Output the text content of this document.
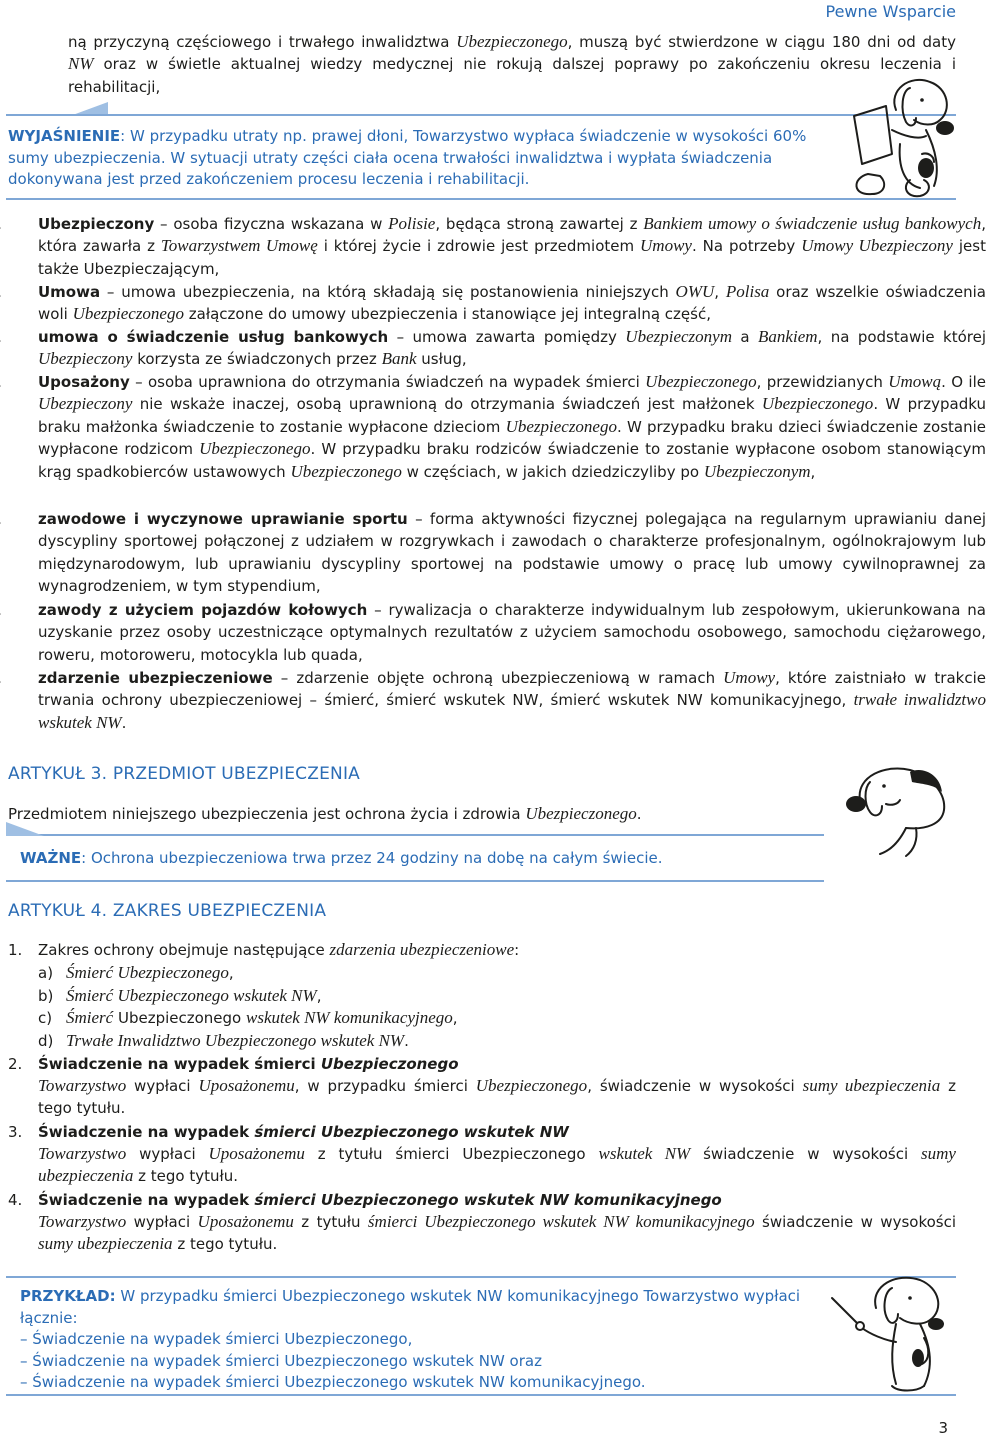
Pewne Wsparcie

ną przyczyną częściowego i trwałego inwalidztwa Ubezpieczonego, muszą być stwierdzone w ciągu 180 dni od daty NW oraz w świetle aktualnej wiedzy medycznej nie rokują dalszej poprawy po zakończeniu okresu leczenia i rehabilitacji,

WYJAŚNIENIE: W przypadku utraty np. prawej dłoni, Towarzystwo wypłaca świadczenie w wysokości 60% sumy ubezpieczenia. W sytuacji utraty części ciała ocena trwałości inwalidztwa i wypłata świadczenia dokonywana jest przed zakończeniem procesu leczenia i rehabilitacji.

Ubezpieczony – osoba fizyczna wskazana w Polisie, będąca stroną zawartej z Bankiem umowy o świadczenie usług bankowych, która zawarła z Towarzystwem Umowę i której życie i zdrowie jest przedmiotem Umowy. Na potrzeby Umowy Ubezpieczony jest także Ubezpieczającym,

Umowa – umowa ubezpieczenia, na którą składają się postanowienia niniejszych OWU, Polisa oraz wszelkie oświadczenia woli Ubezpieczonego załączone do umowy ubezpieczenia i stanowiące jej integralną część,

umowa o świadczenie usług bankowych – umowa zawarta pomiędzy Ubezpieczonym a Bankiem, na podstawie której Ubezpieczony korzysta ze świadczonych przez Bank usług,

Uposażony – osoba uprawniona do otrzymania świadczeń na wypadek śmierci Ubezpieczonego, przewidzianych Umową. O ile Ubezpieczony nie wskaże inaczej, osobą uprawnioną do otrzymania świadczeń jest małżonek Ubezpieczonego. W przypadku braku małżonka świadczenie to zostanie wypłacone dzieciom Ubezpieczonego. W przypadku braku dzieci świadczenie zostanie wypłacone rodzicom Ubezpieczonego. W przypadku braku rodziców świadczenie to zostanie wypłacone osobom stanowiącym krąg spadkobierców ustawowych Ubezpieczonego w częściach, w jakich dziedziczyliby po Ubezpieczonym,

zawodowe i wyczynowe uprawianie sportu – forma aktywności fizycznej polegająca na regularnym uprawianiu danej dyscypliny sportowej połączonej z udziałem w rozgrywkach i zawodach o charakterze profesjonalnym, ogólnokrajowym lub międzynarodowym, lub uprawianiu dyscypliny sportowej na podstawie umowy o pracę lub umowy cywilnoprawnej za wynagrodzeniem, w tym stypendium,

zawody z użyciem pojazdów kołowych – rywalizacja o charakterze indywidualnym lub zespołowym, ukierunkowana na uzyskanie przez osoby uczestniczące optymalnych rezultatów z użyciem samochodu osobowego, samochodu ciężarowego, roweru, motoroweru, motocykla lub quada,

zdarzenie ubezpieczeniowe – zdarzenie objęte ochroną ubezpieczeniową w ramach Umowy, które zaistniało w trakcie trwania ochrony ubezpieczeniowej – śmierć, śmierć wskutek NW, śmierć wskutek NW komunikacyjnego, trwałe inwalidztwo wskutek NW.

ARTYKUŁ 3. PRZEDMIOT UBEZPIECZENIA

Przedmiotem niniejszego ubezpieczenia jest ochrona życia i zdrowia Ubezpieczonego.

WAŻNE: Ochrona ubezpieczeniowa trwa przez 24 godziny na dobę na całym świecie.
ARTYKUŁ 4. ZAKRES UBEZPIECZENIA

1. Zakres ochrony obejmuje następujące zdarzenia ubezpieczeniowe:

a) Śmierć Ubezpieczonego,
b) Śmierć Ubezpieczonego wskutek NW,
c) Śmierć Ubezpieczonego wskutek NW komunikacyjnego,
d) Trwałe Inwalidztwo Ubezpieczonego wskutek NW.
2. Świadczenie na wypadek śmierci Ubezpieczonego

Towarzystwo wypłaci Uposażonemu, w przypadku śmierci Ubezpieczonego, świadczenie w wysokości sumy ubezpieczenia z tego tytułu.

3. Świadczenie na wypadek śmierci Ubezpieczonego wskutek NW

Towarzystwo wypłaci Uposażonemu z tytułu śmierci Ubezpieczonego wskutek NW świadczenie w wysokości sumy ubezpieczenia z tego tytułu.

4. Świadczenie na wypadek śmierci Ubezpieczonego wskutek NW komunikacyjnego

Towarzystwo wypłaci Uposażonemu z tytułu śmierci Ubezpieczonego wskutek NW komunikacyjnego świadczenie w wysokości sumy ubezpieczenia z tego tytułu.

PRZYKŁAD: W przypadku śmierci Ubezpieczonego wskutek NW komunikacyjnego Towarzystwo wypłaci łącznie:
– Świadczenie na wypadek śmierci Ubezpieczonego,
– Świadczenie na wypadek śmierci Ubezpieczonego wskutek NW oraz
– Świadczenie na wypadek śmierci Ubezpieczonego wskutek NW komunikacyjnego.
3
